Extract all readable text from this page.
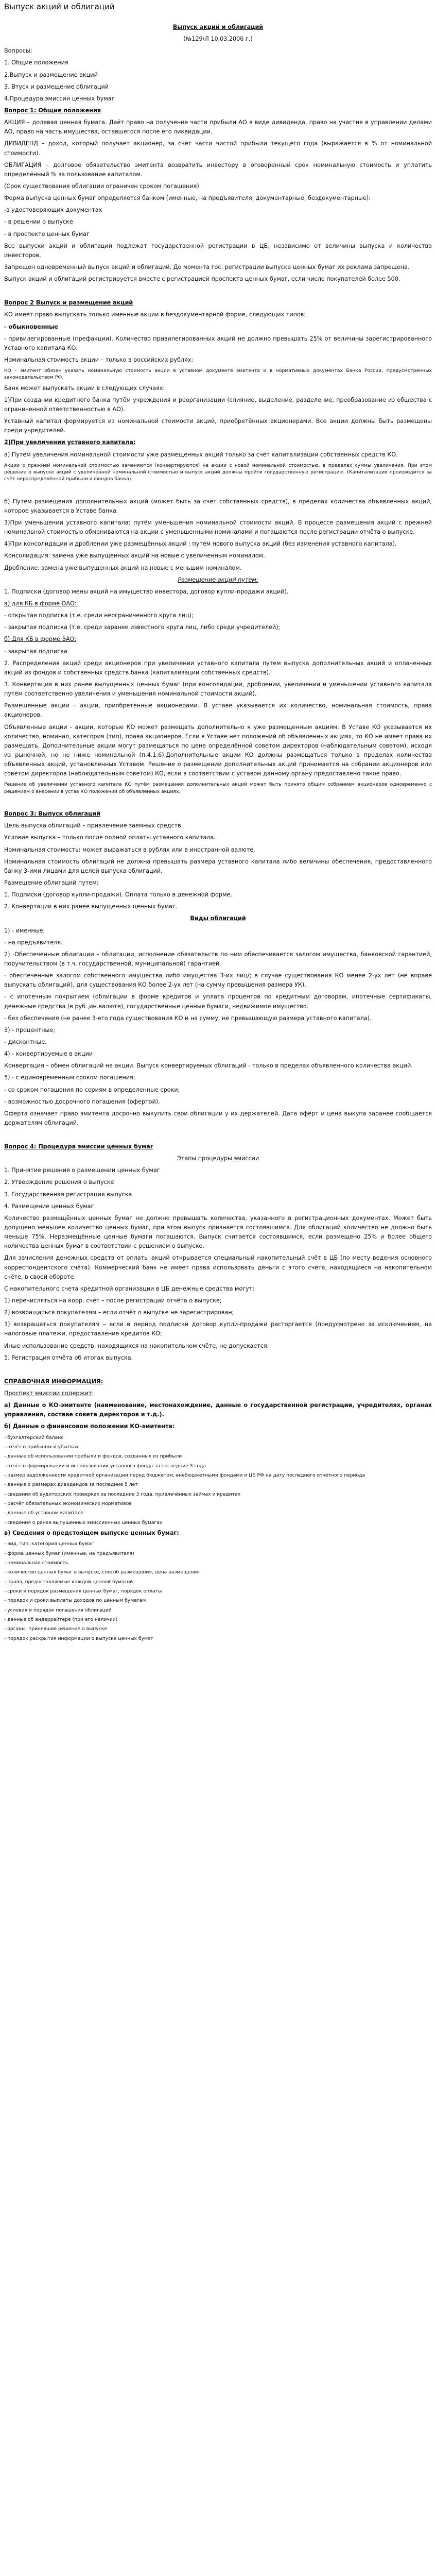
Выпуск акций и облигаций
Выпуск акций и облигаций
(№129\Л 10.03.2006 г.)
Вопросы:
1. Общие положения
2.Выпуск и размещение акций
3. Втуск и размещение облигаций
4.Процедура эмиссии ценных бумаг
Вопрос 1: Общие положения
АКЦИЯ – долевая ценная бумага. Даёт право на получение части прибыли АО в виде дивиденда, право на участие в управлении делами АО, право на часть имущества, оставшегося после его ликвидации.
ДИВИДЕНД – доход, который получает акционер, за счёт части чистой прибыли текущего года (выражается в % от номинальной стоимости).
ОБЛИГАЦИЯ – долговое обязательство эмитента возвратить инвестору в оговоренный срок номинальную стоимость и уплатить определённый % за пользование капиталом.
(Срок существования облигации ограничен сроком погашения)
Форма выпуска ценных бумаг определяется банком (именные, на предъявителя, документарные, бездокументарные):
-в удостоверяющих документах
- в решении о выпуске
- в проспекте ценных бумаг
Все выпуски акций и облигаций подлежат государственной регистрации в ЦБ, независимо от величины выпуска и количества инвесторов.
Запрещен одновременный выпуск акций и облигаций. До момента гос. регистрации выпуска ценных бумаг их реклама запрещена.
Выпуск акций и облигаций регистрируется вместе с регистрацией проспекта ценных бумаг, если число покупателей более 500.
Вопрос 2 Выпуск и размещение акций
КО имеет право выпускать только именные акции в бездокументарной форме, следующих типов:
- обыкновенные
- привилегированные (префакции). Количество привилегированных акций не должно превышать 25% от величины зарегистрированного Уставного капитала КО.
Номинальная стоимость акции – только в российских рублях:
КО – эмитент обязан указать номинальную стоимость акции в уставном документе эмитента и в нормативных документах Банка России, предусмотренных законодательством РФ.
Банк может выпускать акции в следующих случаях:
1)При создании кредитного банка путём учреждения и реорганизации (слияние, выделение, разделение, преобразование из общества с ограниченной ответственностью в АО).
Уставный капитал формируется из номинальной стоимости акций, приобретённых акционерами. Все акции должны быть размещены среди учредителей.
2)При увеличении уставного капитала:
а) Путём увеличения номинальной стоимости уже размещенных акций только за счёт капитализации собственных средств КО.
Акции с прежней номинальной стоимостью заменяются (конвертируются) на акции с новой номинальной стоимостью, в пределах суммы увеличения. При этом решение о выпуске акций с увеличенной номинальной стоимостью и выпуск акций должны пройти государственную регистрацию. (Капитализация производится за счёт нераспределённой прибыли и фондов банка).
б) Путём размещения дополнительных акций (может быть за счёт собственных средств), в пределах количества объявленных акций, которое указывается в Уставе банка.
3)При уменьшении уставного капитала: путём уменьшения номинальной стоимости акций. В процессе размещения акций с прежней номинальной стоимостью обмениваются на акции с уменьшенными номиналами и погашаются после регистрации отчёта о выпуске.
4)При консолидации и дроблении уже размещённых акций : путём нового выпуска акций (без изменения уставного капитала).
Консолидация: замена уже выпущенных акций на новые с увеличенным номиналом.
Дробление: замена уже выпущенных акций на новые с меньшим номиналом.
Размещение акций путем:
1. Подписки (договор мены акций на имущество инвестора, договор купли-продажи акций).
а) для КБ в форме ОАО:
- открытая подписка (т.е. среди неограниченного круга лиц);
- закрытая подписка (т.е. среди заранее известного круга лиц, либо среди учредителей);
б) Для КБ в форме ЗАО:
- закрытая подписка
2. Распределения акций среди акционеров при увеличении уставного капитала путем выпуска дополнительных акций и оплаченных акций из фондов и собственных средств банка (капитализации собственных средств).
3. Конвертация в них ранее выпущенных ценных бумаг (при консолидации, дроблении, увеличении и уменьшении уставного капитала путём соответственно увеличения и уменьшения номинальной стоимости акций).
Размещенные акции - акции, приобретённые акционерами. В уставе указывается их количество, номинальная стоимость, права акционеров.
Объявленные акции - акции, которые КО может размещать дополнительно к уже размещенным акциям. В Уставе КО указывается их количество, номинал, категория (тип), права акционеров. Если в Уставе нет положений об объявленных акциях, то КО не имеет права их размещать. Дополнительные акции могут размещаться по цене определённой советом директоров (наблюдательным советом), исходя из рыночной, но не ниже номинальной (п.4.1.6).Дополнительные акции КО должны размещаться только в пределах количества объявленных акций, установленных Уставом. Решение о размещении дополнительных акций принимается на собрании акционеров или советом директоров (наблюдательным советом) КО, если в соответствии с уставом данному органу предоставлено такое право.
Решение об увеличении уставного капитала КО путём размещения дополнительных акций может быть принято общим собранием акционеров одновременно с решением о внесении в устав КО положений об объявленных акциях.
Вопрос 3: Выпуск облигаций
Цель выпуска облигаций – привлечение заемных средств.
Условие выпуска – только после полной оплаты уставного капитала.
Номинальная стоимость: может выражаться в рублях или в иностранной валюте.
Номинальная стоимость облигаций не должна превышать размера уставного капитала либо величины обеспечения, предоставленного банку 3-ими лицами для целей выпуска облигаций.
Размещение облигаций путем:
1. Подписки (договор купли-продажи). Оплата только в денежной форме.
2. Конвертации в них ранее выпущенных ценных бумаг.
Виды облигаций
1) - именные;
- на предъявителя.
2) -Обеспеченные облигации – облигации, исполнение обязательств по ним обеспечивается залогом имущества, банковской гарантией, поручительством (в т.ч. государственной, муниципальной) гарантией.
- обеспеченные залогом собственного имущества либо имущества 3-их лиц/; в случае существования КО менее 2-ух лет (не вправе выпускать облигаций), для существования КО более 2-ух лет (на сумму превышения размера УК).
- с ипотечным покрытием (облигации в форме кредитов и уплата процентов по кредитным договорам, ипотечные сертификаты, денежные средства (в руб.,ин.валюте), государственные ценные бумаги, недвижимое имущество.
- без обеспечения (не ранее 3-его года существования КО и на сумму, не превышающую размера уставного капитала).
3) - процентные;
- дисконтные.
4) - конвертируемые в акции
Конвертация – обмен облигаций на акции. Выпуск конвертируемых облигаций - только в пределах объявленного количества акций.
5) - с единовременным сроком погашения;
- со сроком погашения по сериям в определенные сроки;
- возможностью досрочного погашения (офертой).
Оферта означает право эмитента досрочно выкупить свои облигации у их держателей. Дата оферт и цена выкупа заранее сообщается держателям облигаций.
Вопрос 4: Процедура эмиссии ценных бумаг
Этапы процедуры эмиссии
1. Принятие решения о размещении ценных бумаг
2. Утверждение решения о выпуске
3. Государственная регистрация выпуска
4. Размещение ценных бумаг
Количество размещённых ценных бумаг не должно превышать количества, указанного в регистрационных документах. Может быть допущено меньшее количество ценных бумаг, при этом выпуск признается состоявшимся. Для облигаций количество не должно быть меньше 75%. Неразмещённые ценные бумаги погашаются. Выпуск считается состоявшимся, если размещено 25% и более общего количества ценных бумаг в соответствии с решением о выпуске.
Для зачисления денежных средств от оплаты акций открывается специальный накопительный счёт в ЦБ (по месту ведения основного корреспондентского счёта). Коммерческий банк не имеет права использовать деньги с этого счёта, находящиеся на накопительном счёте, в своей обороте.
С накопительного счета кредитной организации в ЦБ денежные средства могут:
1) перечисляться на корр. счёт – после регистрации отчёта о выпуске;
2) возвращаться покупателям – если отчёт о выпуске не зарегистрирован;
3) возвращаться покупателям – если в период подписки договор купли-продажи расторгается (предусмотрено за исключением, на налоговые платежи, предоставление кредитов КО;
Иные использование средств, находящихся на накопительном счёте, не допускается.
5. Регистрация отчёта об итогах выпуска.
СПРАВОЧНАЯ ИНФОРМАЦИЯ:
Проспект эмиссии содержит:
а) Данные о КО-эмитенте (наименование, местонахождение, данные о государственной регистрации, учредителях, органах управления, составе совета директоров и т.д.).
б) Данные о финансовом положении КО-эмитента:
- бухгалтерский баланс
- отчёт о прибылях и убытках
- данные об использовании прибыли и фондов, созданных из прибыли
- отчёт о формировании и использовании уставного фонда за последние 3 года
- размер задолженности кредитной организации перед бюджетом, внебюджетными фондами и ЦБ РФ на дату последнего отчётного периода
- данные о размерах дивидендов за последние 5 лет
- сведения об аудиторских проверках за последние 3 года, привлечённых займах и кредитах
- расчёт обязательных экономических нормативов
- данные об уставном капитале
- сведения о ранее выпущенных эмиссионных ценных бумагах
в) Сведения о предстоящем выпуске ценных бумаг:
- вид, тип, категория ценных бумаг
- форма ценных бумаг (именные, на предъявителя)
- номинальная стоимость
- количество ценных бумаг в выпуске, способ размещения, цена размещения
- права, предоставляемые каждой ценной бумагой
- сроки и порядок размещения ценных бумаг, порядок оплаты
- порядок и сроки выплаты доходов по ценным бумагам
- условия и порядок погашения облигаций
- данные об андеррайтере (при его наличии)
- органы, принявшие решение о выпуске
- порядок раскрытия информации о выпуске ценных бумаг
